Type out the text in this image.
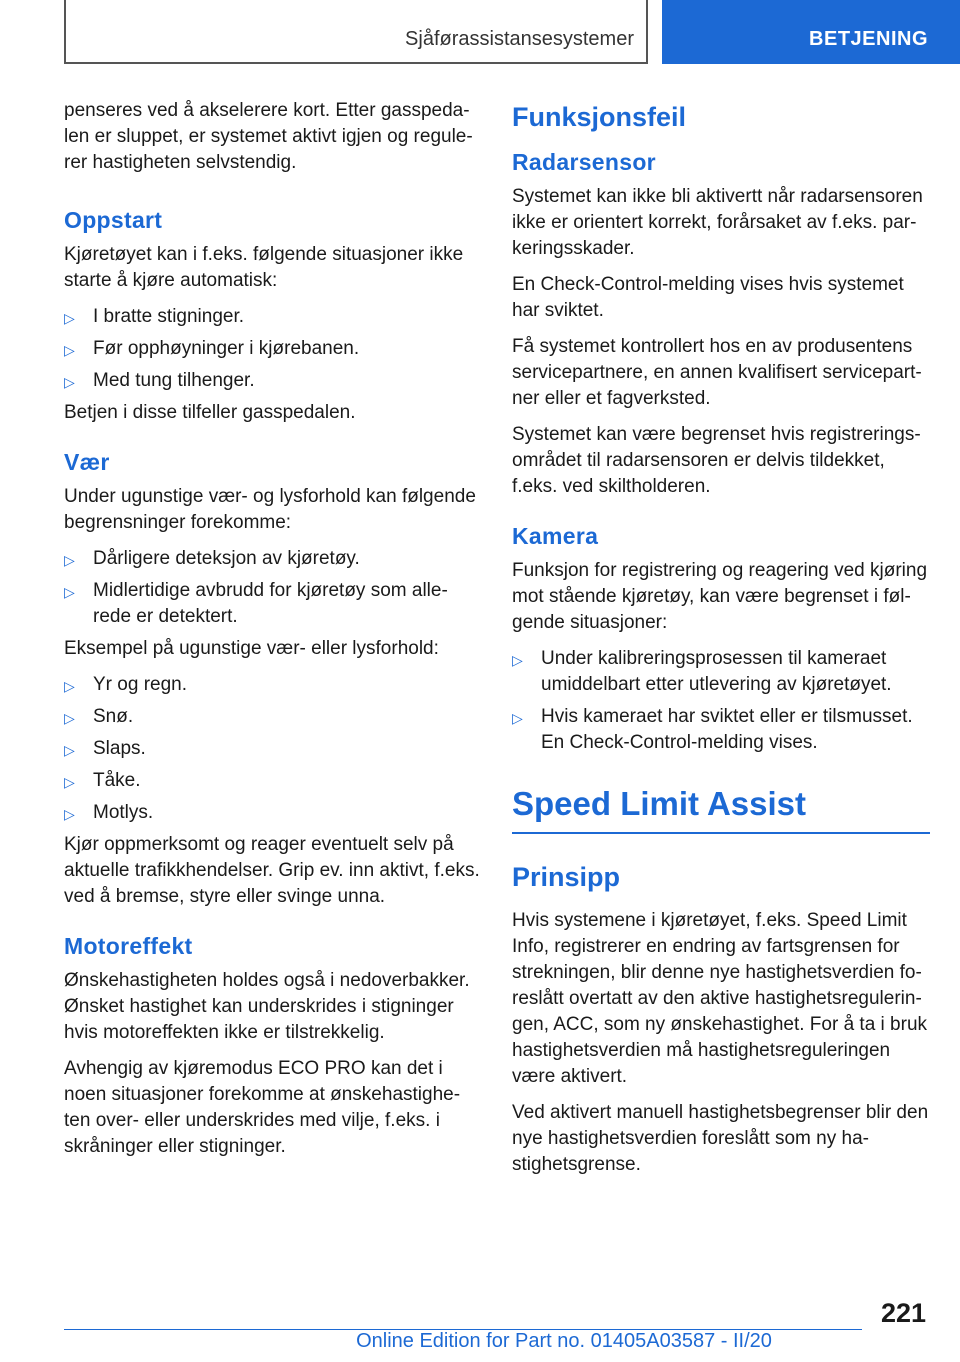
Sjåførassistansesystemer	BETJENING

penseres ved å akselerere kort. Etter gasspeda-len er sluppet, er systemet aktivt igjen og regule-rer hastigheten selvstendig.

Oppstart

Kjøretøyet kan i f.eks. følgende situasjoner ikke starte å kjøre automatisk:

▷ I bratte stigninger.
▷ Før opphøyninger i kjørebanen.
▷ Med tung tilhenger.

Betjen i disse tilfeller gasspedalen.

Vær

Under ugunstige vær- og lysforhold kan følgende begrensninger forekomme:

▷ Dårligere deteksjon av kjøretøy.
▷ Midlertidige avbrudd for kjøretøy som alle-rede er detektert.

Eksempel på ugunstige vær- eller lysforhold:

▷ Yr og regn.
▷ Snø.
▷ Slaps.
▷ Tåke.
▷ Motlys.

Kjør oppmerksomt og reager eventuelt selv på aktuelle trafikkhendelser. Grip ev. inn aktivt, f.eks. ved å bremse, styre eller svinge unna.

Motoreffekt

Ønskehastigheten holdes også i nedoverbakker. Ønsket hastighet kan underskrides i stigninger hvis motoreffekten ikke er tilstrekkelig.

Avhengig av kjøremodus ECO PRO kan det i noen situasjoner forekomme at ønskehastighe-ten over- eller underskrides med vilje, f.eks. i skråninger eller stigninger.

Funksjonsfeil
Radarsensor

Systemet kan ikke bli aktivertt når radarsensoren ikke er orientert korrekt, forårsaket av f.eks. par-keringsskader.

En Check-Control-melding vises hvis systemet har sviktet.

Få systemet kontrollert hos en av produsentens servicepartnere, en annen kvalifisert servicepart-ner eller et fagverksted.

Systemet kan være begrenset hvis registrerings-området til radarsensoren er delvis tildekket, f.eks. ved skiltholderen.

Kamera

Funksjon for registrering og reagering ved kjøring mot stående kjøretøy, kan være begrenset i føl-gende situasjoner:

▷ Under kalibreringsprosessen til kameraet umiddelbart etter utlevering av kjøretøyet.
▷ Hvis kameraet har sviktet eller er tilsmusset. En Check-Control-melding vises.
Speed Limit Assist
Prinsipp

Hvis systemene i kjøretøyet, f.eks. Speed Limit Info, registrerer en endring av fartsgrensen for strekningen, blir denne nye hastighetsverdien fo-reslått overtatt av den aktive hastighetsregulerin-gen, ACC, som ny ønskehastighet. For å ta i bruk hastighetsverdien må hastighetsreguleringen være aktivert.

Ved aktivert manuell hastighetsbegrenser blir den nye hastighetsverdien foreslått som ny ha-stighetsgrense.

221
Online Edition for Part no. 01405A03587 - II/20
